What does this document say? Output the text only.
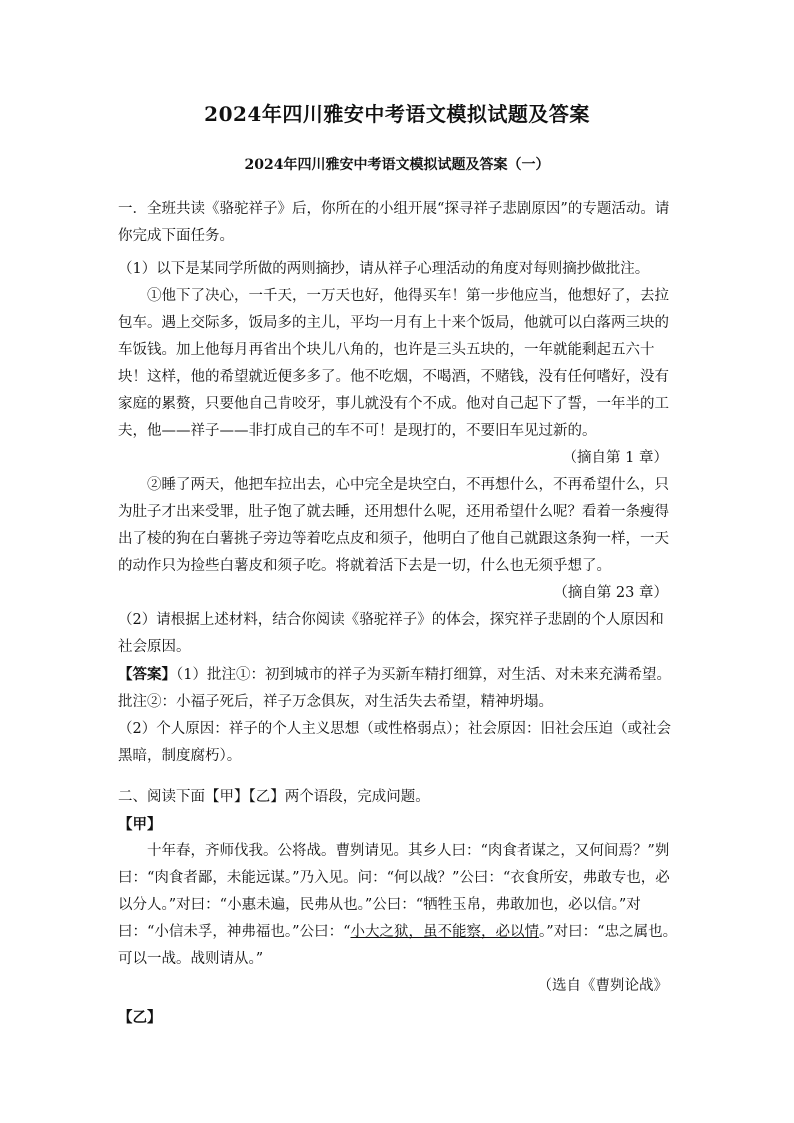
2024年四川雅安中考语文模拟试题及答案
2024年四川雅安中考语文模拟试题及答案（一）

一．全班共读《骆驼祥子》后，你所在的小组开展“探寻祥子悲剧原因”的专题活动。请你完成下面任务。

（1）以下是某同学所做的两则摘抄，请从祥子心理活动的角度对每则摘抄做批注。

①他下了决心，一千天，一万天也好，他得买车！第一步他应当，他想好了，去拉包车。遇上交际多，饭局多的主儿，平均一月有上十来个饭局，他就可以白落两三块的车饭钱。加上他每月再省出个块儿八角的，也许是三头五块的，一年就能剩起五六十块！这样，他的希望就近便多多了。他不吃烟，不喝酒，不赌钱，没有任何嗜好，没有家庭的累赘，只要他自己肯咬牙，事儿就没有个不成。他对自己起下了誓，一年半的工夫，他——祥子——非打成自己的车不可！是现打的，不要旧车见过新的。

（摘自第 1 章）

②睡了两天，他把车拉出去，心中完全是块空白，不再想什么，不再希望什么，只为肚子才出来受罪，肚子饱了就去睡，还用想什么呢，还用希望什么呢？看着一条瘦得出了棱的狗在白薯挑子旁边等着吃点皮和须子，他明白了他自己就跟这条狗一样，一天的动作只为捡些白薯皮和须子吃。将就着活下去是一切，什么也无须乎想了。

（摘自第 23 章）

（2）请根据上述材料，结合你阅读《骆驼祥子》的体会，探究祥子悲剧的个人原因和社会原因。

【答案】（1）批注①：初到城市的祥子为买新车精打细算，对生活、对未来充满希望。

批注②：小福子死后，祥子万念俱灰，对生活失去希望，精神坍塌。

（2）个人原因：祥子的个人主义思想（或性格弱点）；社会原因：旧社会压迫（或社会黑暗，制度腐朽）。

二、阅读下面【甲】【乙】两个语段，完成问题。

【甲】

十年春，齐师伐我。公将战。曹刿请见。其乡人曰：“肉食者谋之，又何间焉？”刿曰：“肉食者鄙，未能远谋。”乃入见。问：“何以战？”公曰：“衣食所安，弗敢专也，必以分人。”对曰：“小惠未遍，民弗从也。”公曰：“牺牲玉帛，弗敢加也，必以信。”对曰：“小信未孚，神弗福也。”公曰：“小大之狱，虽不能察，必以情。”对曰：“忠之属也。可以一战。战则请从。”

（选自《曹刿论战》

【乙】
